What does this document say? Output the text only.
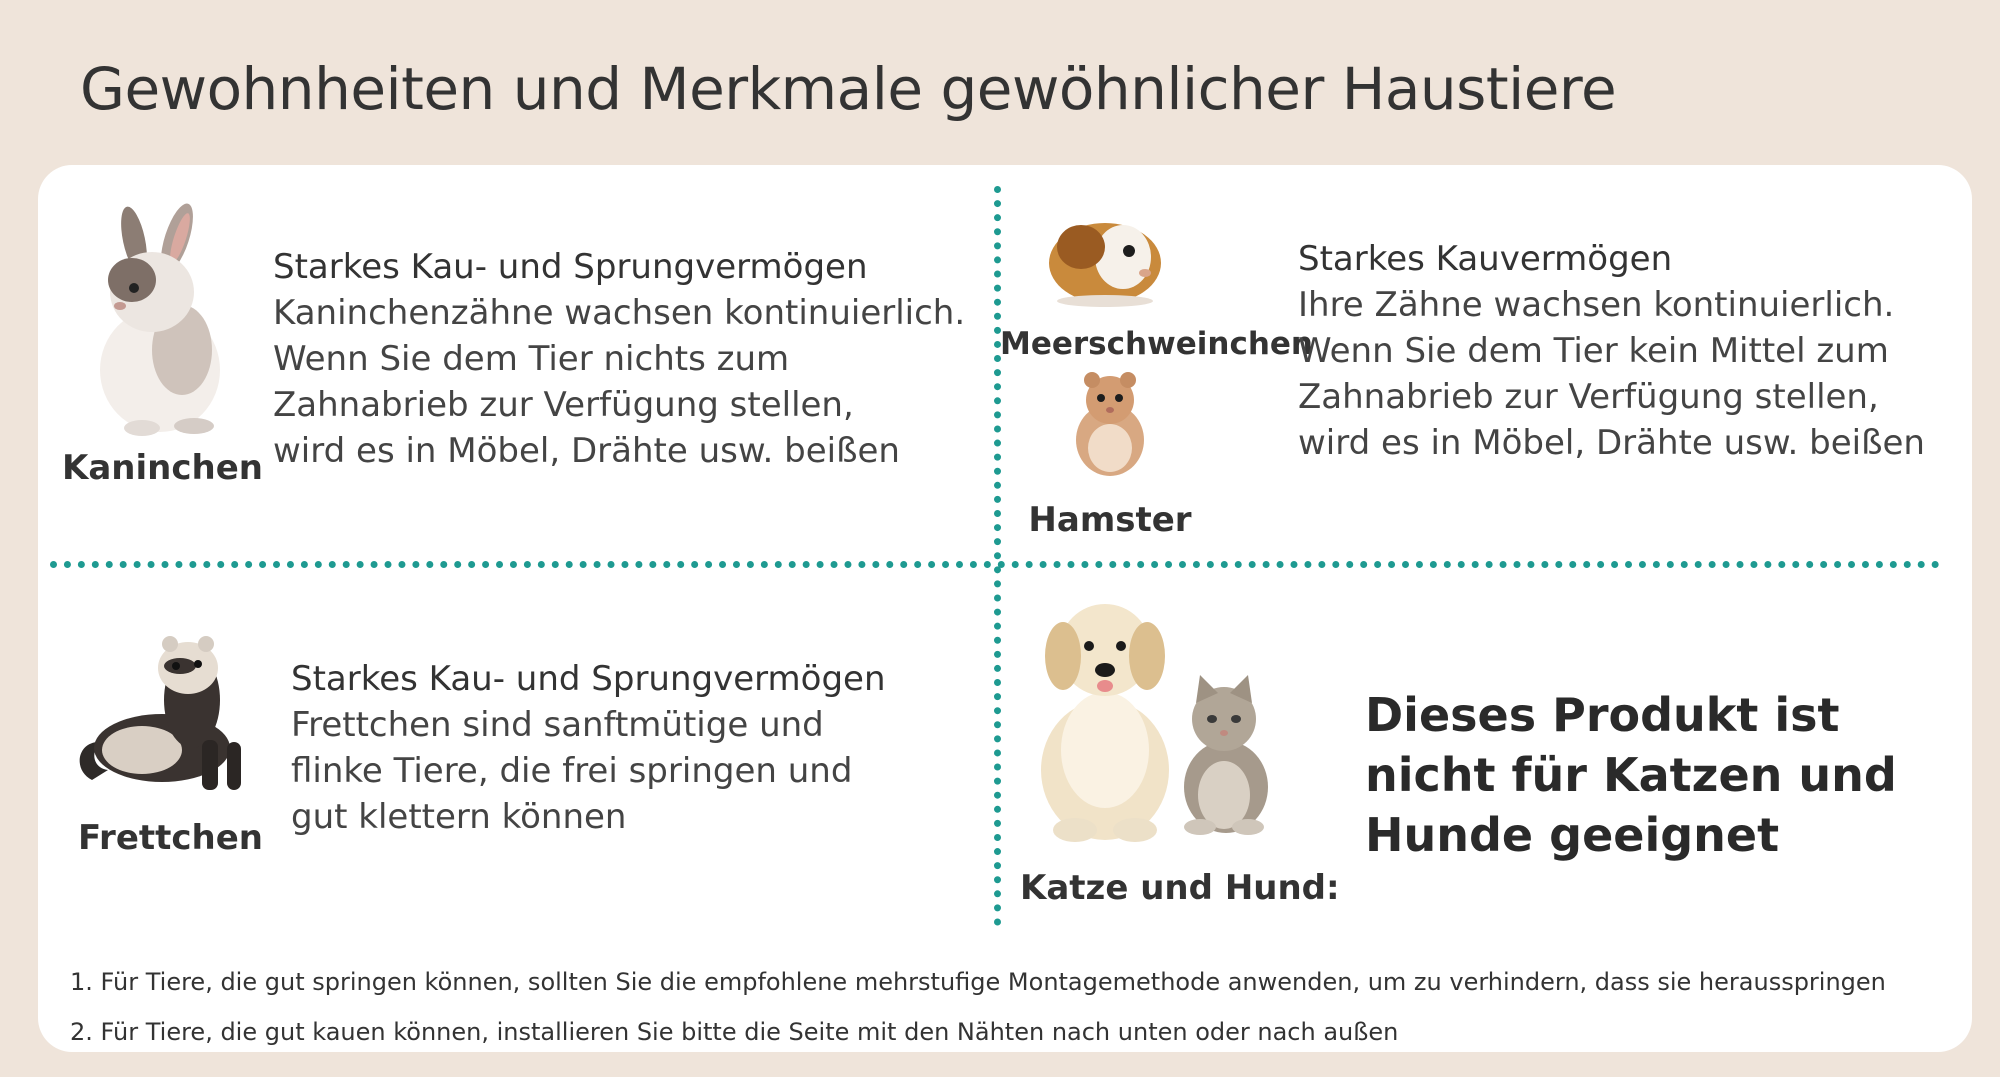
Gewohnheiten und Merkmale gewöhnlicher Haustiere
Kaninchen
Starkes Kau- und Sprungvermögen
Kaninchenzähne wachsen kontinuierlich.
Wenn Sie dem Tier nichts zum
Zahnabrieb zur Verfügung stellen,
wird es in Möbel, Drähte usw. beißen
Meerschweinchen
Hamster
Starkes Kauvermögen
Ihre Zähne wachsen kontinuierlich.
Wenn Sie dem Tier kein Mittel zum
Zahnabrieb zur Verfügung stellen,
wird es in Möbel, Drähte usw. beißen
Frettchen
Starkes Kau- und Sprungvermögen
Frettchen sind sanftmütige und
flinke Tiere, die frei springen und
gut klettern können
Katze und Hund:
Dieses Produkt ist
nicht für Katzen und
Hunde geeignet
1. Für Tiere, die gut springen können, sollten Sie die empfohlene mehrstufige Montagemethode anwenden, um zu verhindern, dass sie herausspringen
2. Für Tiere, die gut kauen können, installieren Sie bitte die Seite mit den Nähten nach unten oder nach außen
